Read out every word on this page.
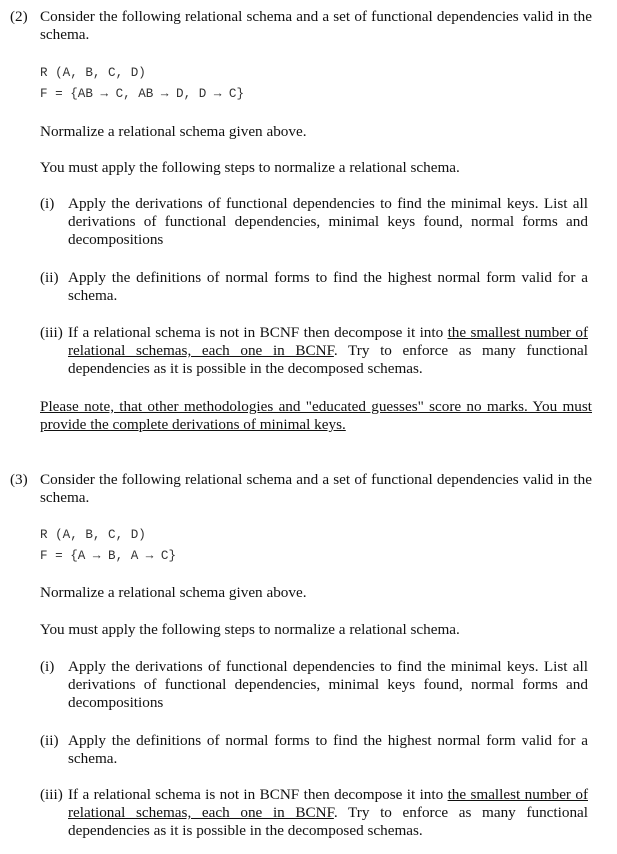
(2) Consider the following relational schema and a set of functional dependencies valid in the schema.

R (A, B, C, D)

F = {AB → C, AB → D, D → C}

Normalize a relational schema given above.

You must apply the following steps to normalize a relational schema.

(i) Apply the derivations of functional dependencies to find the minimal keys. List all derivations of functional dependencies, minimal keys found, normal forms and decompositions

(ii) Apply the definitions of normal forms to find the highest normal form valid for a schema.

(iii) If a relational schema is not in BCNF then decompose it into the smallest number of relational schemas, each one in BCNF. Try to enforce as many functional dependencies as it is possible in the decomposed schemas.

Please note, that other methodologies and "educated guesses" score no marks. You must provide the complete derivations of minimal keys.

(3) Consider the following relational schema and a set of functional dependencies valid in the schema.

R (A, B, C, D)

F = {A → B, A → C}

Normalize a relational schema given above.

You must apply the following steps to normalize a relational schema.

(i) Apply the derivations of functional dependencies to find the minimal keys. List all derivations of functional dependencies, minimal keys found, normal forms and decompositions

(ii) Apply the definitions of normal forms to find the highest normal form valid for a schema.

(iii) If a relational schema is not in BCNF then decompose it into the smallest number of relational schemas, each one in BCNF. Try to enforce as many functional dependencies as it is possible in the decomposed schemas.
